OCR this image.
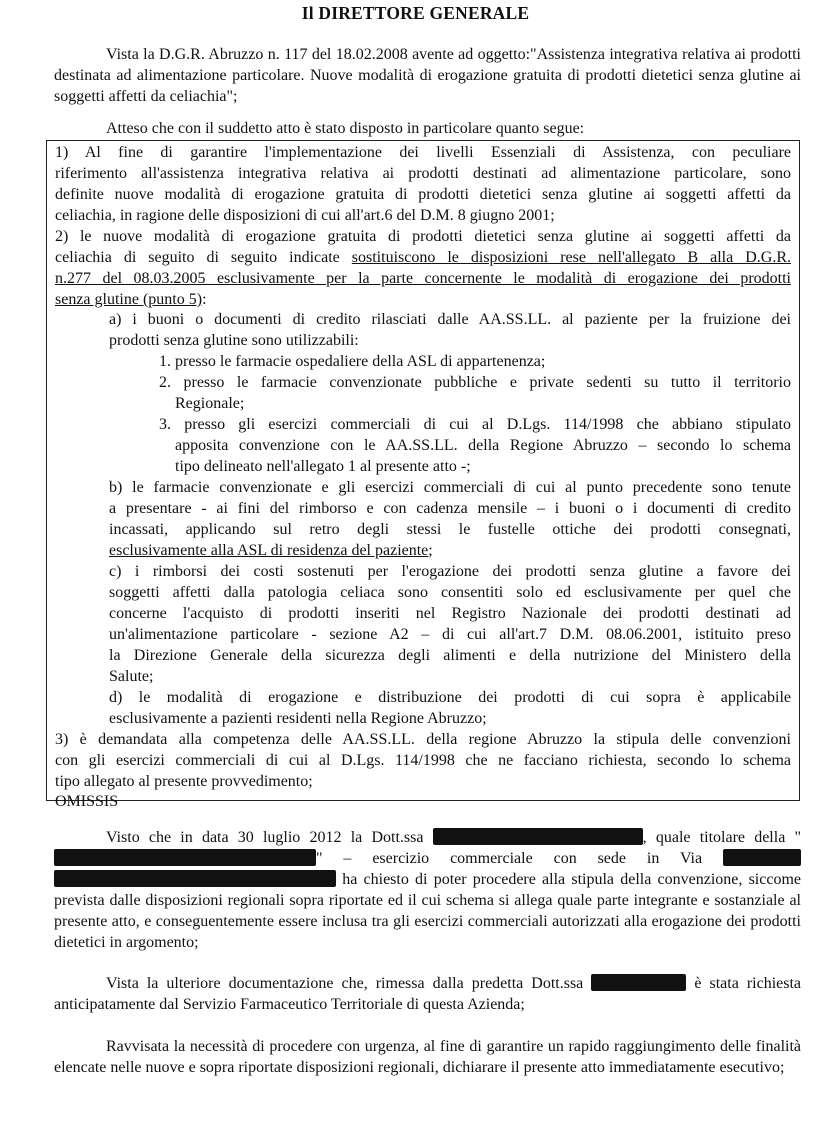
Il DIRETTORE GENERALE
Vista la D.G.R. Abruzzo n. 117 del 18.02.2008 avente ad oggetto:"Assistenza integrativa relativa ai prodotti destinata ad alimentazione particolare. Nuove modalità di erogazione gratuita di prodotti dietetici senza glutine ai soggetti affetti da celiachia";
Atteso che con il suddetto atto è stato disposto in particolare quanto segue:
1) Al fine di garantire l'implementazione dei livelli Essenziali di Assistenza, con peculiare
riferimento all'assistenza integrativa relativa ai prodotti destinati ad alimentazione particolare, sono
definite nuove modalità di erogazione gratuita di prodotti dietetici senza glutine ai soggetti affetti da
celiachia, in ragione delle disposizioni di cui all'art.6 del D.M. 8 giugno 2001;
2) le nuove modalità di erogazione gratuita di prodotti dietetici senza glutine ai soggetti affetti da
celiachia di seguito di seguito indicate sostituiscono le disposizioni rese nell'allegato B alla D.G.R.
n.277 del 08.03.2005 esclusivamente per la parte concernente le modalità di erogazione dei prodotti
senza glutine (punto 5):
a) i buoni o documenti di credito rilasciati dalle AA.SS.LL. al paziente per la fruizione dei
prodotti senza glutine sono utilizzabili:
1. presso le farmacie ospedaliere della ASL di appartenenza;
2. presso le farmacie convenzionate pubbliche e private sedenti su tutto il territorio
Regionale;
3. presso gli esercizi commerciali di cui al D.Lgs. 114/1998 che abbiano stipulato
apposita convenzione con le AA.SS.LL. della Regione Abruzzo – secondo lo schema
tipo delineato nell'allegato 1 al presente atto -;
b) le farmacie convenzionate e gli esercizi commerciali di cui al punto precedente sono tenute
a presentare - ai fini del rimborso e con cadenza mensile – i buoni o i documenti di credito
incassati, applicando sul retro degli stessi le fustelle ottiche dei prodotti consegnati,
esclusivamente alla ASL di residenza del paziente;
c) i rimborsi dei costi sostenuti per l'erogazione dei prodotti senza glutine a favore dei
soggetti affetti dalla patologia celiaca sono consentiti solo ed esclusivamente per quel che
concerne l'acquisto di prodotti inseriti nel Registro Nazionale dei prodotti destinati ad
un'alimentazione particolare - sezione A2 – di cui all'art.7 D.M. 08.06.2001, istituito preso
la Direzione Generale della sicurezza degli alimenti e della nutrizione del Ministero della
Salute;
d) le modalità di erogazione e distribuzione dei prodotti di cui sopra è applicabile
esclusivamente a pazienti residenti nella Regione Abruzzo;
3) è demandata alla competenza delle AA.SS.LL. della regione Abruzzo la stipula delle convenzioni
con gli esercizi commerciali di cui al D.Lgs. 114/1998 che ne facciano richiesta, secondo lo schema
tipo allegato al presente provvedimento;
OMISSIS
Visto che in data 30 luglio 2012 la Dott.ssa	, quale titolare della "" – esercizio commerciale con sede in Via   ha chiesto di poter procedere alla stipula della convenzione, siccome prevista dalle disposizioni regionali sopra riportate ed il cui schema si allega quale parte integrante e sostanziale al presente atto, e conseguentemente essere inclusa tra gli esercizi commerciali autorizzati alla erogazione dei prodotti dietetici in argomento;
Vista la ulteriore documentazione che, rimessa dalla predetta Dott.ssa	è stata richiesta anticipatamente dal Servizio Farmaceutico Territoriale di questa Azienda;
Ravvisata la necessità di procedere con urgenza, al fine di garantire un rapido raggiungimento delle finalità elencate nelle nuove e sopra riportate disposizioni regionali, dichiarare il presente atto immediatamente esecutivo;
